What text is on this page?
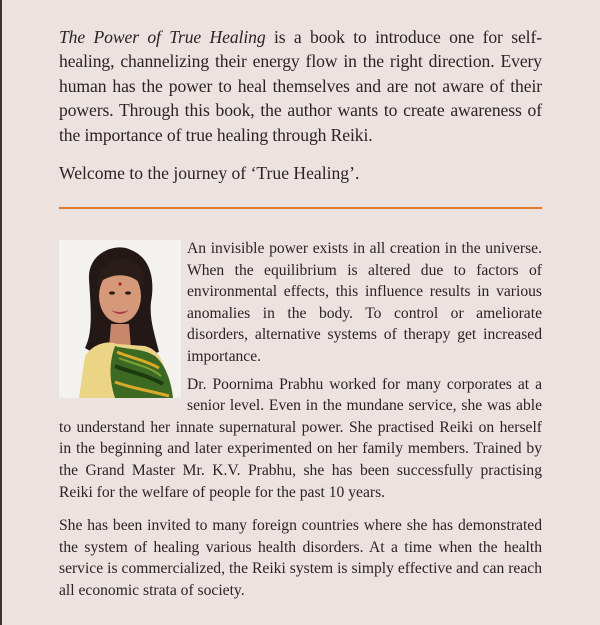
The Power of True Healing is a book to introduce one for self-healing, channelizing their energy flow in the right direction. Every human has the power to heal themselves and are not aware of their powers. Through this book, the author wants to create awareness of the importance of true healing through Reiki.

Welcome to the journey of ‘True Healing’.

An invisible power exists in all creation in the universe. When the equilibrium is altered due to factors of environmental effects, this influence results in various anomalies in the body. To control or ameliorate disorders, alternative systems of therapy get increased importance.

Dr. Poornima Prabhu worked for many corporates at a senior level. Even in the mundane service, she was able to understand her innate supernatural power. She practised Reiki on herself in the beginning and later experimented on her family members. Trained by the Grand Master Mr. K.V. Prabhu, she has been successfully practising Reiki for the welfare of people for the past 10 years.

She has been invited to many foreign countries where she has demonstrated the system of healing various health disorders. At a time when the health service is commercialized, the Reiki system is simply effective and can reach all economic strata of society.
